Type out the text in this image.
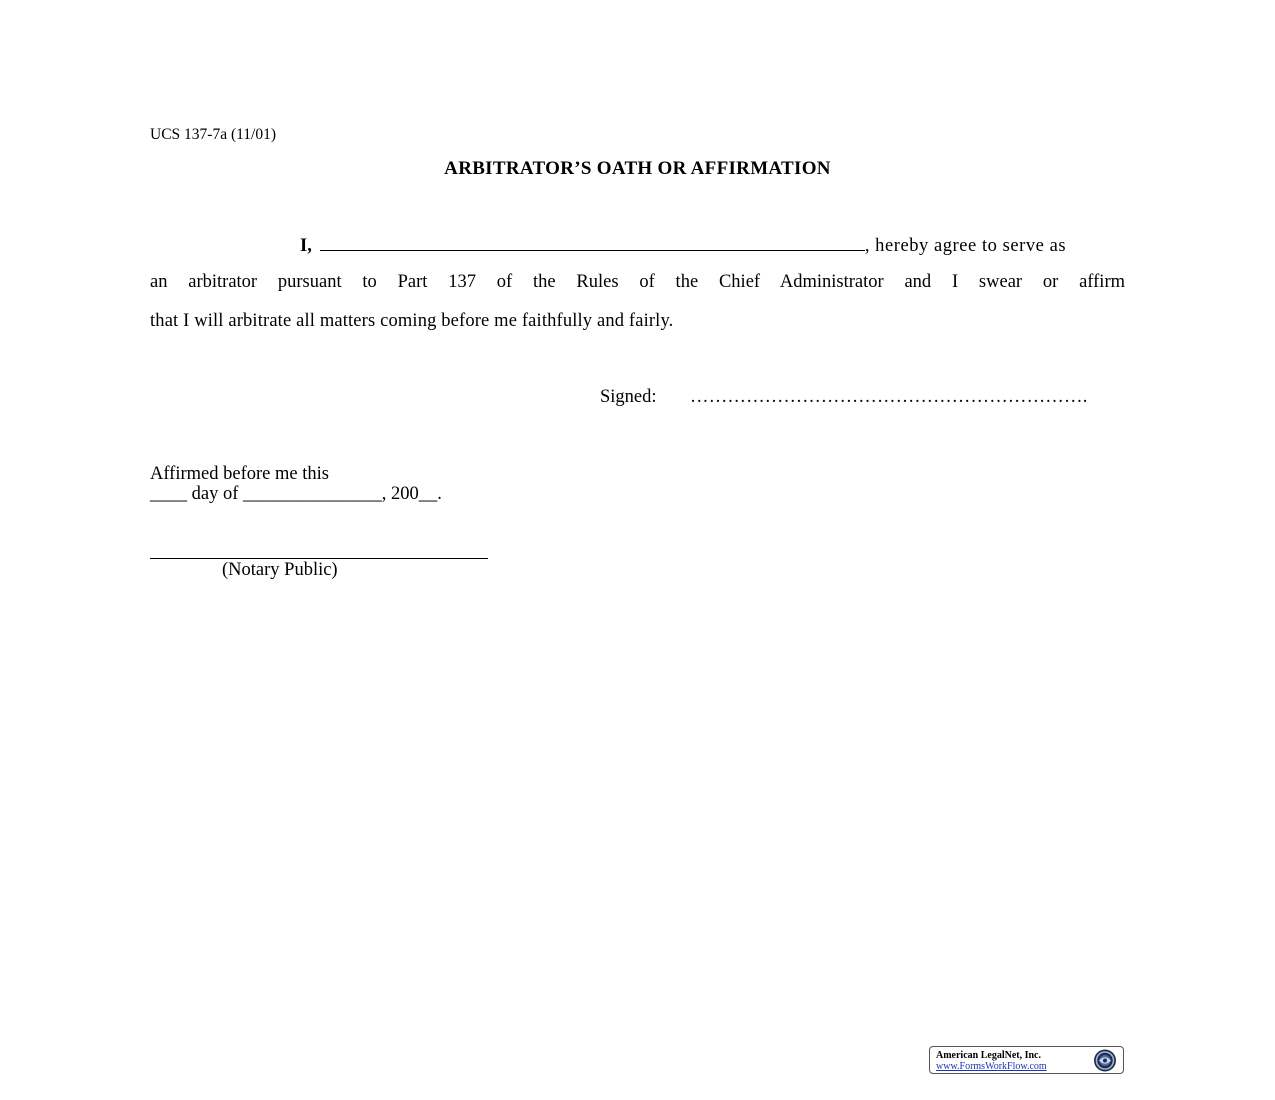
UCS 137-7a (11/01)
ARBITRATOR’S OATH OR AFFIRMATION
I,	, hereby agree to serve as
an arbitrator pursuant to Part 137 of the Rules of the Chief Administrator and I swear or affirm
that I will arbitrate all matters coming before me faithfully and fairly.
Signed: ……………………………………………………….
Affirmed before me this
____ day of _______________, 200__.
(Notary Public)
American LegalNet, Inc.
www.FormsWorkFlow.com
